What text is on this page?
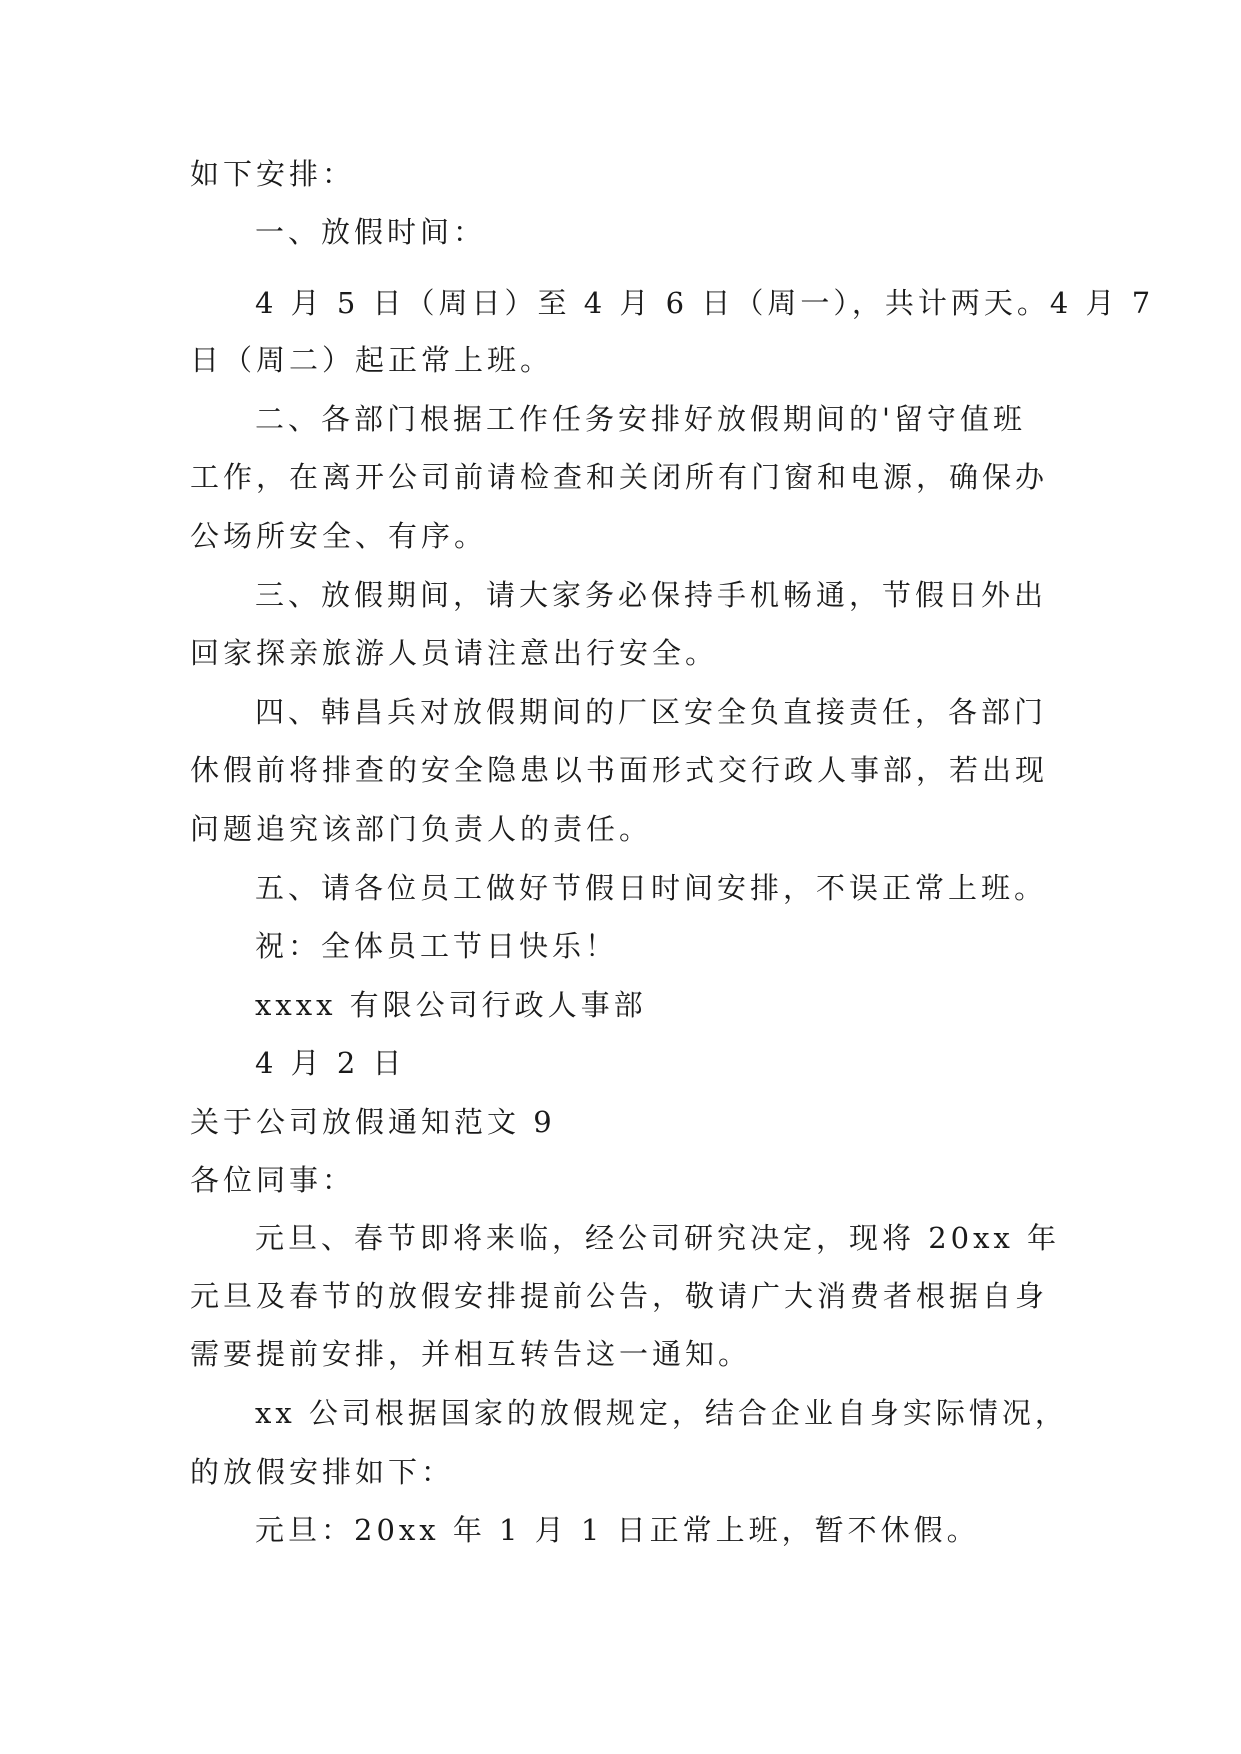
如下安排：
一、放假时间：
4 月 5 日（周日）至 4 月 6 日（周一），共计两天。4 月 7
日（周二）起正常上班。
二、各部门根据工作任务安排好放假期间的'留守值班
工作，在离开公司前请检查和关闭所有门窗和电源，确保办
公场所安全、有序。
三、放假期间，请大家务必保持手机畅通，节假日外出
回家探亲旅游人员请注意出行安全。
四、韩昌兵对放假期间的厂区安全负直接责任，各部门
休假前将排查的安全隐患以书面形式交行政人事部，若出现
问题追究该部门负责人的责任。
五、请各位员工做好节假日时间安排，不误正常上班。
祝：全体员工节日快乐！
xxxx 有限公司行政人事部
4 月 2 日
关于公司放假通知范文 9
各位同事：
元旦、春节即将来临，经公司研究决定，现将 20xx 年
元旦及春节的放假安排提前公告，敬请广大消费者根据自身
需要提前安排，并相互转告这一通知。
xx 公司根据国家的放假规定，结合企业自身实际情况，
的放假安排如下：
元旦：20xx 年 1 月 1 日正常上班，暂不休假。
